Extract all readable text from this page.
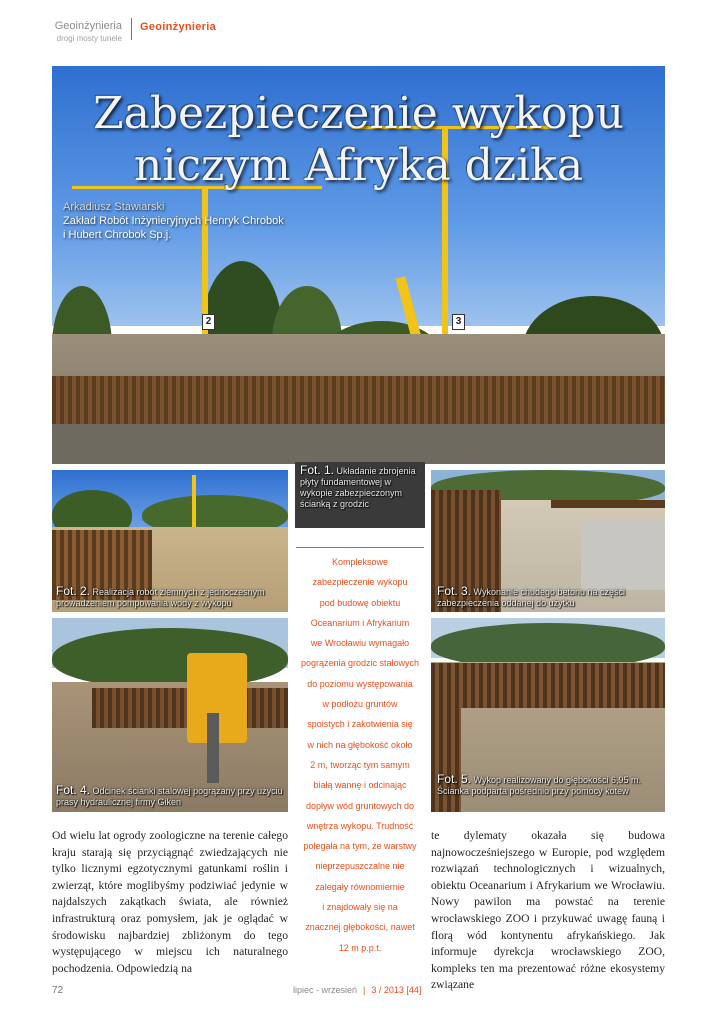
Geoinżynieria
drogi mosty tunele
Geoinżynieria
2	3
Zabezpieczenie wykopu
niczym Afryka dzika
Arkadiusz Stawiarski
Zakład Robót Inżynieryjnych Henryk Chrobok
i Hubert Chrobok Sp.j.
Fot. 1. Układanie zbrojenia płyty fundamentowej w wykopie zabezpieczonym ścianką z grodzic
Fot. 2. Realizacja robót ziemnych z jednoczesnym prowadzeniem pompowania wody z wykopu
Fot. 3. Wykonanie chudego betonu na części zabezpieczenia oddanej do użytku
Fot. 4. Odcinek ścianki stalowej pogrążany przy użyciu prasy hydraulicznej firmy Giken
Fot. 5. Wykop realizowany do głębokości 6,95 m. Ścianka podparta pośrednio przy pomocy kotew
Kompleksowe
zabezpieczenie wykopu
pod budowę obiektu
Oceanarium i Afrykarium
we Wrocławiu wymagało
pogrążenia grodzic stalowych
do poziomu występowania
w podłożu gruntów
spoistych i zakotwienia się
w nich na głębokość około
2 m, tworząc tym samym
białą wannę i odcinając
dopływ wód gruntowych do
wnętrza wykopu. Trudność
polegała na tym, że warstwy
nieprzepuszczalne nie
zalegały równomiernie
i znajdowały się na
znacznej głębokości, nawet
12 m p.p.t.
Od wielu lat ogrody zoologiczne na terenie całego kraju starają się przyciągnąć zwiedzających nie tylko licznymi egzotycznymi gatunkami roślin i zwierząt, które moglibyśmy podziwiać jedynie w najdalszych zakątkach świata, ale również infrastrukturą oraz pomysłem, jak je oglądać w środowisku najbardziej zbliżonym do tego występującego w miejscu ich naturalnego pochodzenia. Odpowiedzią na
te dylematy okazała się budowa najnowocześniejszego w Europie, pod względem rozwiązań technologicznych i wizualnych, obiektu Oceanarium i Afrykarium we Wrocławiu. Nowy pawilon ma powstać na terenie wrocławskiego ZOO i przykuwać uwagę fauną i florą wód kontynentu afrykańskiego. Jak informuje dyrekcja wrocławskiego ZOO, kompleks ten ma prezentować różne ekosystemy związane
72	lipiec - wrzesień | 3 / 2013 [44]
